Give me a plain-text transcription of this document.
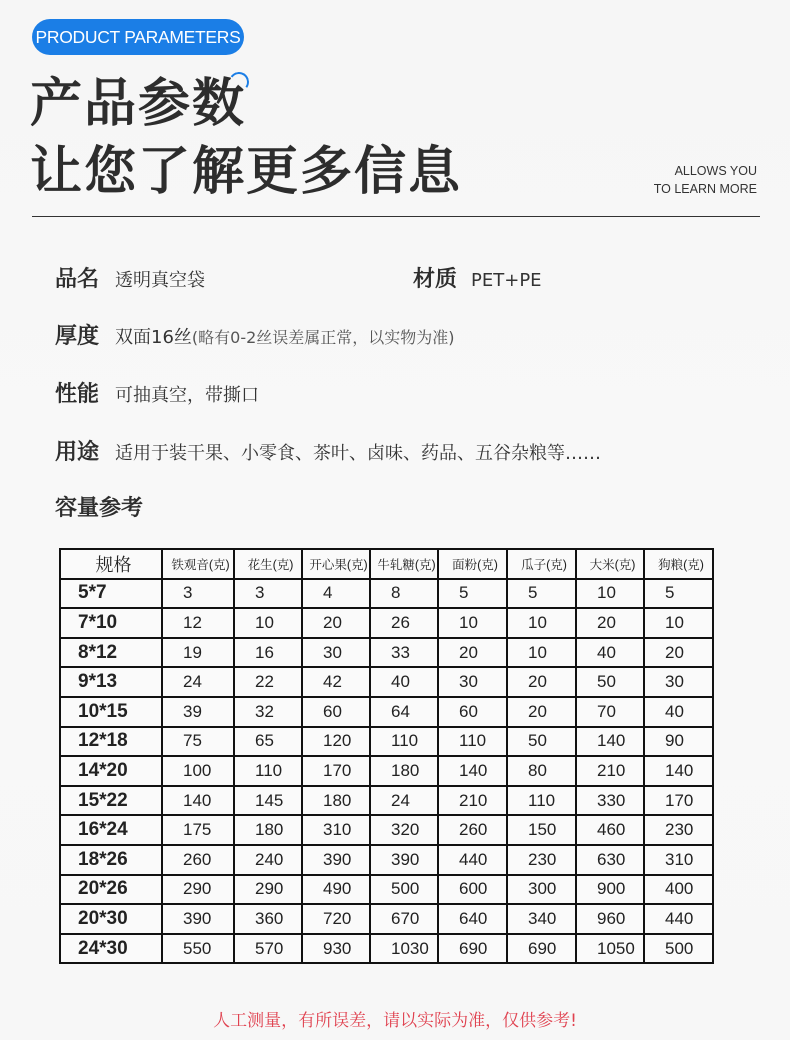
PRODUCT PARAMETERS
产品参数
让您了解更多信息	ALLOWS YOU
TO LEARN MORE
品名 透明真空袋	材质 PET+PE
厚度 双面16丝(略有0-2丝误差属正常，以实物为准)
性能 可抽真空，带撕口
用途 适用于装干果、小零食、茶叶、卤味、药品、五谷杂粮等……
容量参考
规格	铁观音(克)	花生(克)	开心果(克)	牛轧糖(克)	面粉(克)	瓜子(克)	大米(克)	狗粮(克)
5*7	3	3	4	8	5	5	10	5
7*10	12	10	20	26	10	10	20	10
8*12	19	16	30	33	20	10	40	20
9*13	24	22	42	40	30	20	50	30
10*15	39	32	60	64	60	20	70	40
12*18	75	65	120	110	110	50	140	90
14*20	100	110	170	180	140	80	210	140
15*22	140	145	180	24	210	110	330	170
16*24	175	180	310	320	260	150	460	230
18*26	260	240	390	390	440	230	630	310
20*26	290	290	490	500	600	300	900	400
20*30	390	360	720	670	640	340	960	440
24*30	550	570	930	1030	690	690	1050	500
人工测量，有所误差，请以实际为准，仅供参考!
